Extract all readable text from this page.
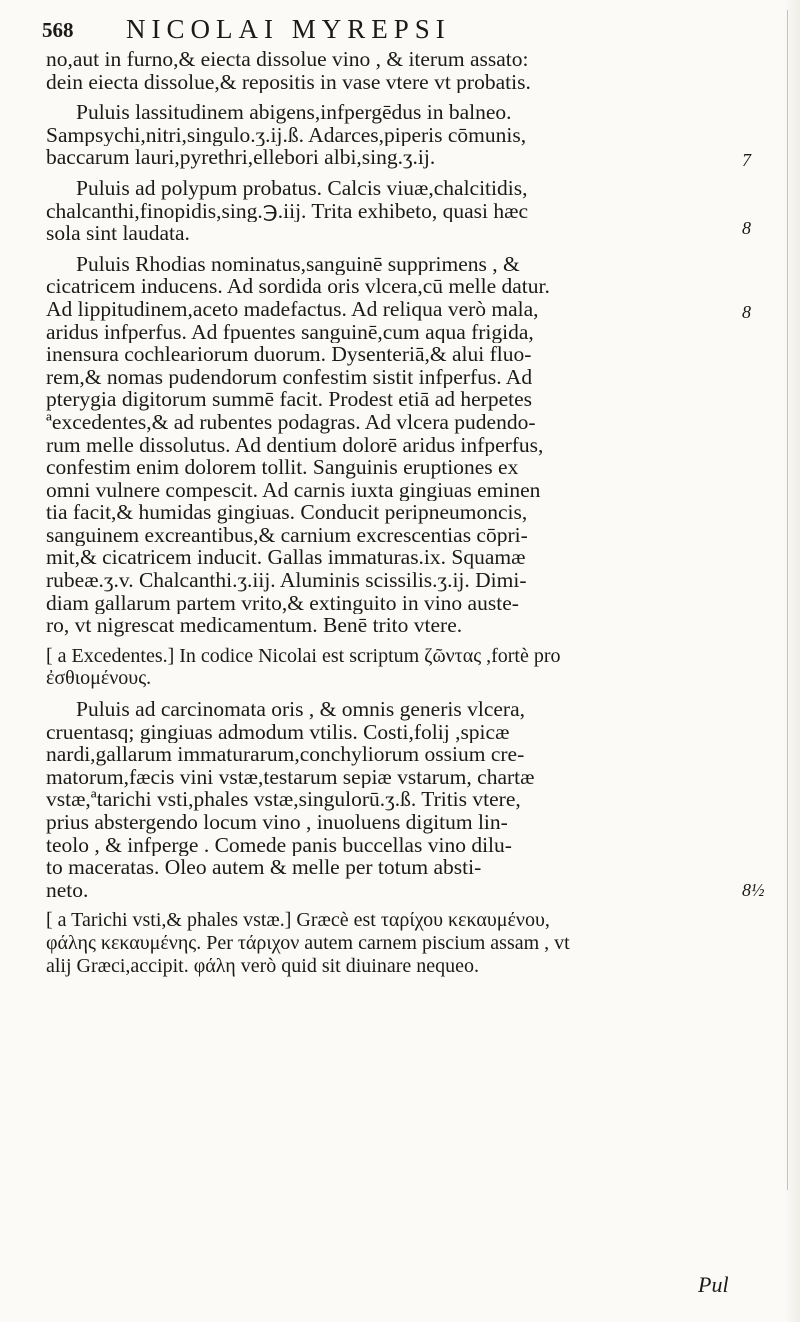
568 NICOLAI MYREPSI
no,aut in furno,& eiecta dissolue vino , & iterum assato:
dein eiecta dissolue,& repositis in vase vtere vt probatis.
Puluis lassitudinem abigens,infpergēdus in balneo.
Sampsychi,nitri,singulo.ʒ.ij.ß. Adarces,piperis cōmunis,
baccarum lauri,pyrethri,ellebori albi,sing.ʒ.ij.
Puluis ad polypum probatus. Calcis viuæ,chalcitidis,
chalcanthi,finopidis,sing.℈.iij. Trita exhibeto, quasi hæc
sola sint laudata.
Puluis Rhodias nominatus,sanguinē supprimens , &
cicatricem inducens. Ad sordida oris vlcera,cū melle datur.
Ad lippitudinem,aceto madefactus. Ad reliqua verò mala,
aridus infperfus. Ad fpuentes sanguinē,cum aqua frigida,
inensura cochleariorum duorum. Dysenteriā,& alui fluo-
rem,& nomas pudendorum confestim sistit infperfus. Ad
pterygia digitorum summē facit. Prodest etiā ad herpetes
ªexcedentes,& ad rubentes podagras. Ad vlcera pudendo-
rum melle dissolutus. Ad dentium dolorē aridus infperfus,
confestim enim dolorem tollit. Sanguinis eruptiones ex
omni vulnere compescit. Ad carnis iuxta gingiuas eminen
tia facit,& humidas gingiuas. Conducit peripneumoncis,
sanguinem excreantibus,& carnium excrescentias cōpri-
mit,& cicatricem inducit. Gallas immaturas.ix. Squamæ
rubeæ.ʒ.v. Chalcanthi.ʒ.iij. Aluminis scissilis.ʒ.ij. Dimi-
diam gallarum partem vrito,& extinguito in vino auste-
ro, vt nigrescat medicamentum. Benē trito vtere.
[ a Excedentes.] In codice Nicolai est scriptum ζῶντας ,fortè pro
ἐσθιομένους.
Puluis ad carcinomata oris , & omnis generis vlcera,
cruentasq; gingiuas admodum vtilis. Costi,folij ,spicæ
nardi,gallarum immaturarum,conchyliorum ossium cre-
matorum,fæcis vini vstæ,testarum sepiæ vstarum, chartæ
vstæ,ªtarichi vsti,phales vstæ,singulorū.ʒ.ß. Tritis vtere,
prius abstergendo locum vino , inuoluens digitum lin-
teolo , & infperge . Comede panis buccellas vino dilu-
to maceratas. Oleo autem & melle per totum absti-
neto.
[ a Tarichi vsti,& phales vstæ.] Græcè est ταρίχου κεκαυμένου,
φάλης κεκαυμένης. Per τάριχον autem carnem piscium assam , vt
alij Græci,accipit. φάλη verò quid sit diuinare nequeo.
7
8
8
8½
Pul
